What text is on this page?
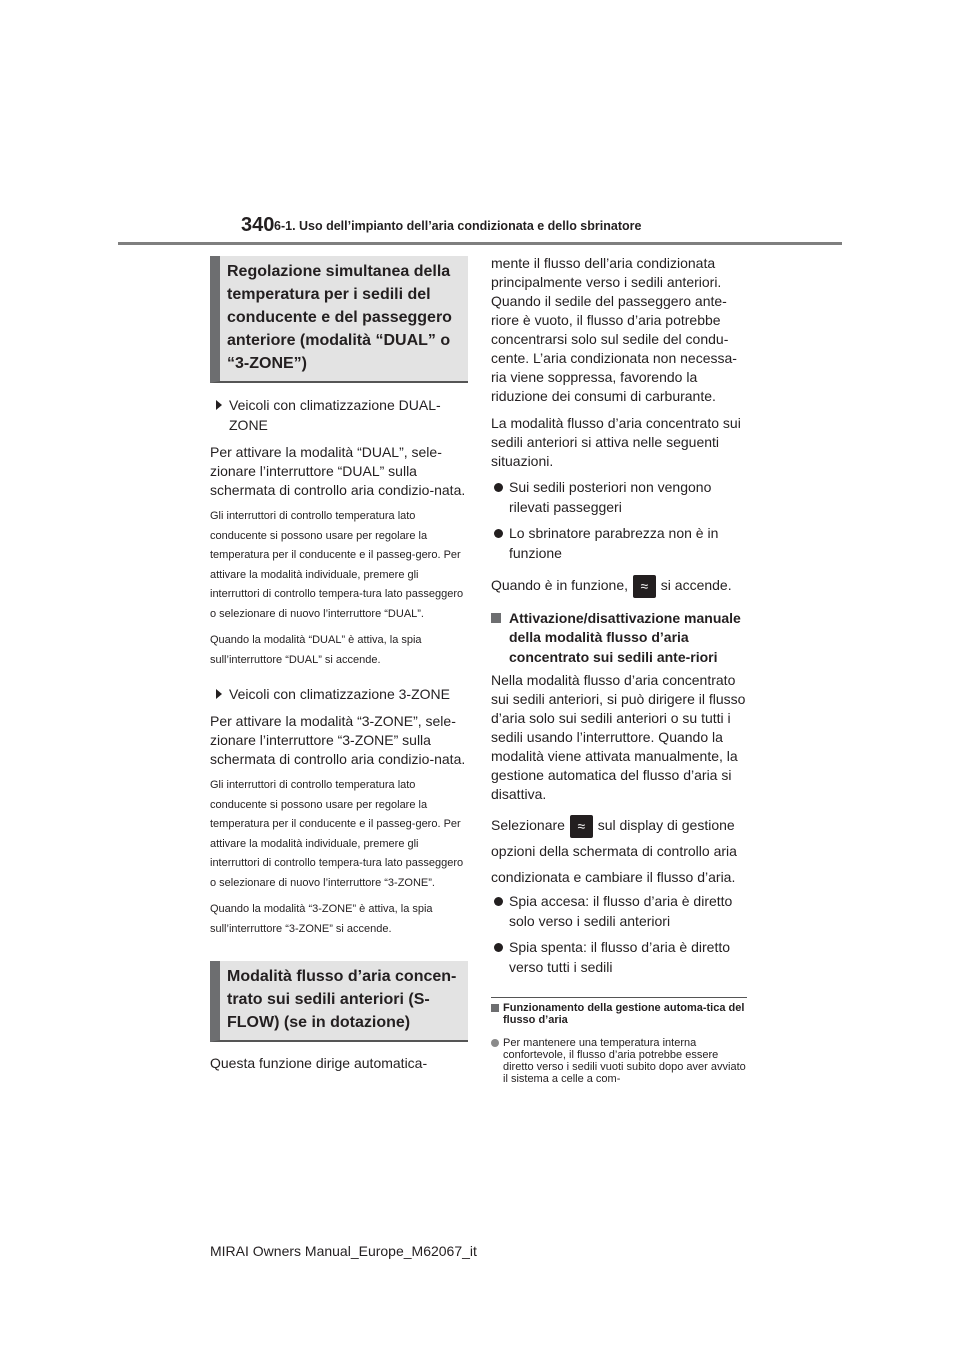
340 6-1. Uso dell’impianto dell’aria condizionata e dello sbrinatore
Regolazione simultanea della temperatura per i sedili del conducente e del passeggero anteriore (modalità “DUAL” o “3-ZONE”)
Veicoli con climatizzazione DUAL-ZONE
Per attivare la modalità “DUAL”, sele-zionare l’interruttore “DUAL” sulla schermata di controllo aria condizio-nata.
Gli interruttori di controllo temperatura lato conducente si possono usare per regolare la temperatura per il conducente e il passeg-gero. Per attivare la modalità individuale, premere gli interruttori di controllo tempera-tura lato passeggero o selezionare di nuovo l’interruttore “DUAL”.
Quando la modalità “DUAL” è attiva, la spia sull’interruttore “DUAL” si accende.
Veicoli con climatizzazione 3-ZONE
Per attivare la modalità “3-ZONE”, sele-zionare l’interruttore “3-ZONE” sulla schermata di controllo aria condizio-nata.
Gli interruttori di controllo temperatura lato conducente si possono usare per regolare la temperatura per il conducente e il passeg-gero. Per attivare la modalità individuale, premere gli interruttori di controllo tempera-tura lato passeggero o selezionare di nuovo l’interruttore “3-ZONE”.
Quando la modalità “3-ZONE” è attiva, la spia sull’interruttore “3-ZONE” si accende.
Modalità flusso d’aria concen-trato sui sedili anteriori (S-FLOW) (se in dotazione)
Questa funzione dirige automatica-
mente il flusso dell’aria condizionata principalmente verso i sedili anteriori. Quando il sedile del passeggero ante-riore è vuoto, il flusso d’aria potrebbe concentrarsi solo sul sedile del condu-cente. L’aria condizionata non necessa-ria viene soppressa, favorendo la riduzione dei consumi di carburante.
La modalità flusso d’aria concentrato sui sedili anteriori si attiva nelle seguenti situazioni.
Sui sedili posteriori non vengono rilevati passeggeri
Lo sbrinatore parabrezza non è in funzione
Quando è in funzione, ≈ si accende.
Attivazione/disattivazione manuale della modalità flusso d’aria concentrato sui sedili ante-riori
Nella modalità flusso d’aria concentrato sui sedili anteriori, si può dirigere il flusso d’aria solo sui sedili anteriori o su tutti i sedili usando l’interruttore. Quando la modalità viene attivata manualmente, la gestione automatica del flusso d’aria si disattiva.
Selezionare ≈ sul display di gestione
opzioni della schermata di controllo aria
condizionata e cambiare il flusso d’aria.
Spia accesa: il flusso d’aria è diretto solo verso i sedili anteriori
Spia spenta: il flusso d’aria è diretto verso tutti i sedili
Funzionamento della gestione automa-tica del flusso d’aria
Per mantenere una temperatura interna confortevole, il flusso d’aria potrebbe essere diretto verso i sedili vuoti subito dopo aver avviato il sistema a celle a com-
MIRAI Owners Manual_Europe_M62067_it
